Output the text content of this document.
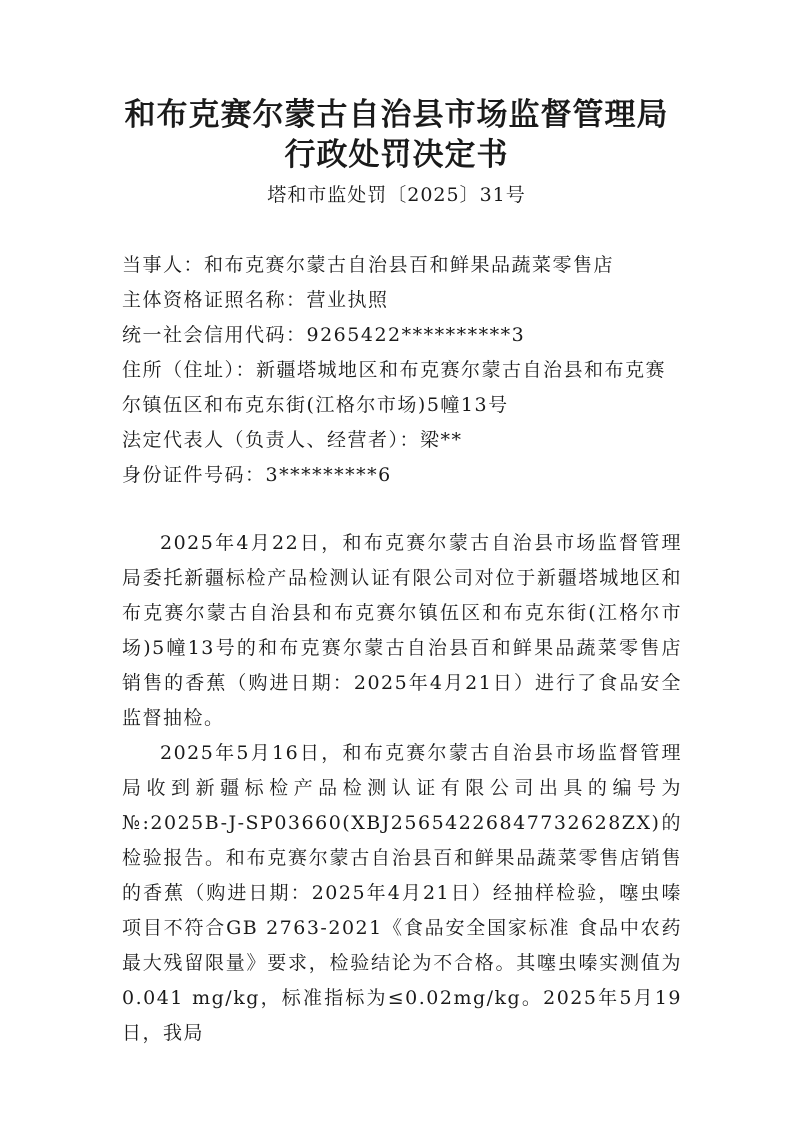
和布克赛尔蒙古自治县市场监督管理局
行政处罚决定书
塔和市监处罚〔2025〕31号

当事人：和布克赛尔蒙古自治县百和鲜果品蔬菜零售店

主体资格证照名称：营业执照

统一社会信用代码：9265422**********3

住所（住址）：新疆塔城地区和布克赛尔蒙古自治县和布克赛尔镇伍区和布克东街(江格尔市场)5幢13号

法定代表人（负责人、经营者）：梁**

身份证件号码：3*********6

2025年4月22日，和布克赛尔蒙古自治县市场监督管理局委托新疆标检产品检测认证有限公司对位于新疆塔城地区和布克赛尔蒙古自治县和布克赛尔镇伍区和布克东街(江格尔市场)5幢13号的和布克赛尔蒙古自治县百和鲜果品蔬菜零售店销售的香蕉（购进日期：2025年4月21日）进行了食品安全监督抽检。

2025年5月16日，和布克赛尔蒙古自治县市场监督管理局收到新疆标检产品检测认证有限公司出具的编号为№:2025B-J-SP03660(XBJ25654226847732628ZX)的检验报告。和布克赛尔蒙古自治县百和鲜果品蔬菜零售店销售的香蕉（购进日期：2025年4月21日）经抽样检验，噻虫嗪项目不符合GB 2763-2021《食品安全国家标准 食品中农药最大残留限量》要求，检验结论为不合格。其噻虫嗪实测值为 0.041 mg/kg，标准指标为≤0.02mg/kg。2025年5月19日，我局
